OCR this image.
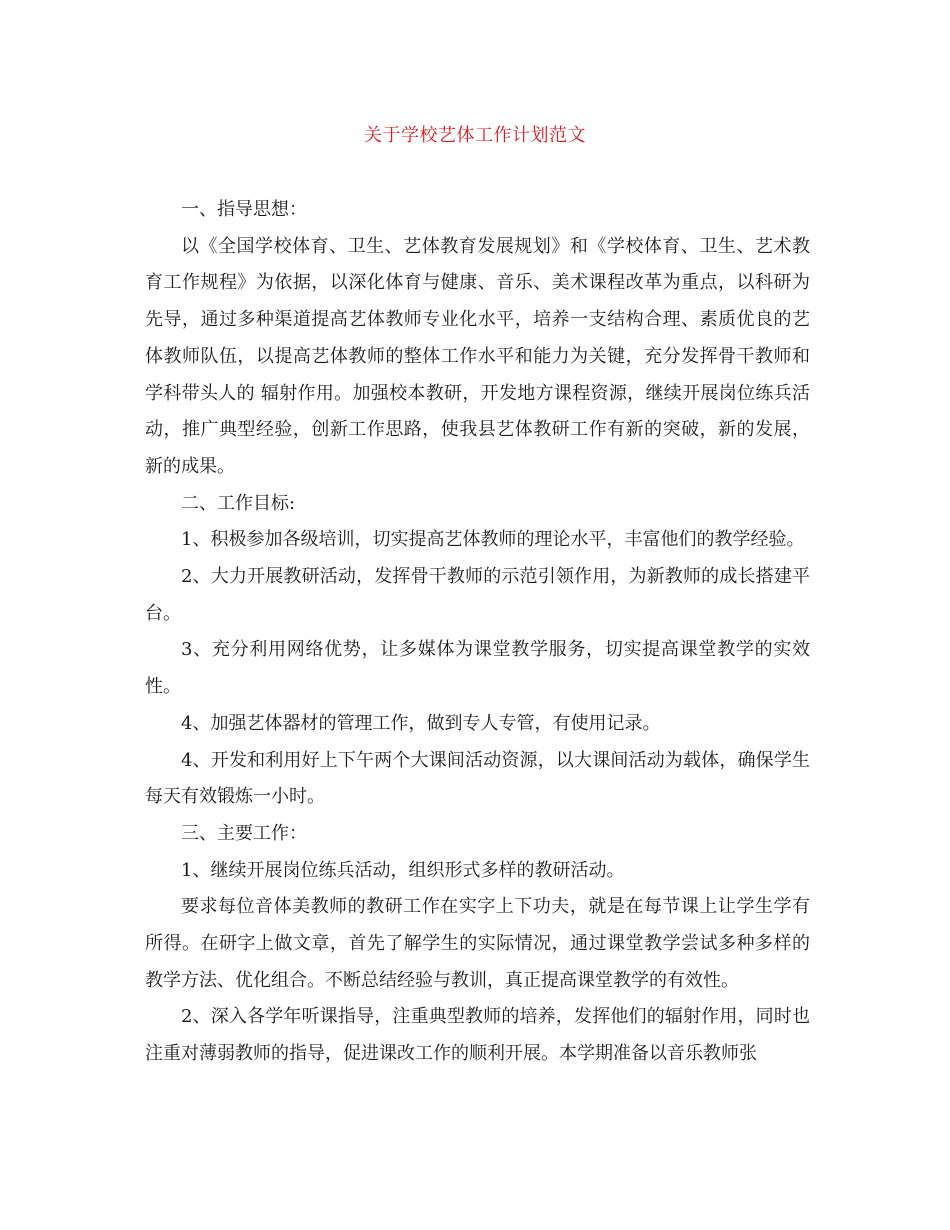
关于学校艺体工作计划范文

一、指导思想：

以《全国学校体育、卫生、艺体教育发展规划》和《学校体育、卫生、艺术教育工作规程》为依据，以深化体育与健康、音乐、美术课程改革为重点，以科研为先导，通过多种渠道提高艺体教师专业化水平，培养一支结构合理、素质优良的艺体教师队伍，以提高艺体教师的整体工作水平和能力为关键，充分发挥骨干教师和学科带头人的 辐射作用。加强校本教研，开发地方课程资源，继续开展岗位练兵活动，推广典型经验，创新工作思路，使我县艺体教研工作有新的突破，新的发展，新的成果。

二、工作目标:

1、积极参加各级培训，切实提高艺体教师的理论水平，丰富他们的教学经验。

2、大力开展教研活动，发挥骨干教师的示范引领作用，为新教师的成长搭建平台。

3、充分利用网络优势，让多媒体为课堂教学服务，切实提高课堂教学的实效性。

4、加强艺体器材的管理工作，做到专人专管，有使用记录。

4、开发和利用好上下午两个大课间活动资源，以大课间活动为载体，确保学生每天有效锻炼一小时。

三、主要工作：

1、继续开展岗位练兵活动，组织形式多样的教研活动。

要求每位音体美教师的教研工作在实字上下功夫，就是在每节课上让学生学有所得。在研字上做文章，首先了解学生的实际情况，通过课堂教学尝试多种多样的教学方法、优化组合。不断总结经验与教训，真正提高课堂教学的有效性。

2、深入各学年听课指导，注重典型教师的培养，发挥他们的辐射作用，同时也注重对薄弱教师的指导，促进课改工作的顺利开展。本学期准备以音乐教师张
